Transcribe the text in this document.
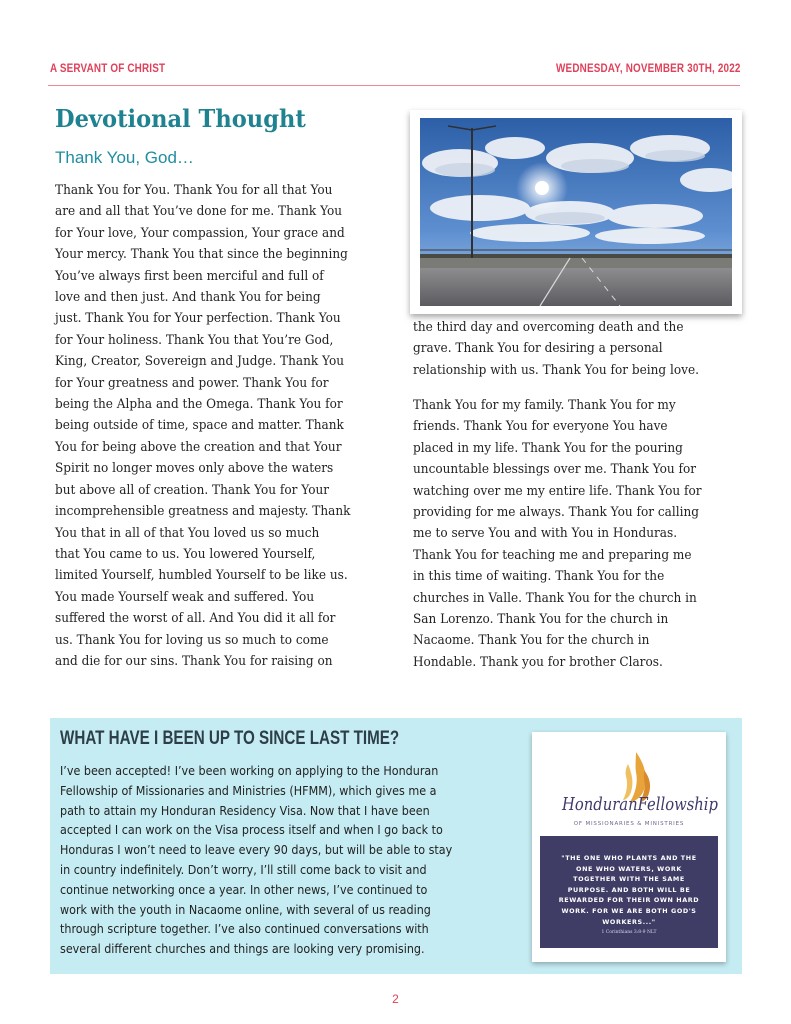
A SERVANT OF CHRIST	WEDNESDAY, NOVEMBER 30TH, 2022
Devotional Thought
Thank You, God…
Thank You for You. Thank You for all that You
are and all that You’ve done for me. Thank You
for Your love, Your compassion, Your grace and
Your mercy. Thank You that since the beginning
You’ve always first been merciful and full of
love and then just. And thank You for being
just. Thank You for Your perfection. Thank You
for Your holiness. Thank You that You’re God,
King, Creator, Sovereign and Judge. Thank You
for Your greatness and power. Thank You for
being the Alpha and the Omega. Thank You for
being outside of time, space and matter. Thank
You for being above the creation and that Your
Spirit no longer moves only above the waters
but above all of creation. Thank You for Your
incomprehensible greatness and majesty. Thank
You that in all of that You loved us so much
that You came to us. You lowered Yourself,
limited Yourself, humbled Yourself to be like us.
You made Yourself weak and suffered. You
suffered the worst of all. And You did it all for
us. Thank You for loving us so much to come
and die for our sins. Thank You for raising on
the third day and overcoming death and the
grave. Thank You for desiring a personal
relationship with us. Thank You for being love.
Thank You for my family. Thank You for my
friends. Thank You for everyone You have
placed in my life. Thank You for the pouring
uncountable blessings over me. Thank You for
watching over me my entire life. Thank You for
providing for me always. Thank You for calling
me to serve You and with You in Honduras.
Thank You for teaching me and preparing me
in this time of waiting. Thank You for the
churches in Valle. Thank You for the church in
San Lorenzo. Thank You for the church in
Nacaome. Thank You for the church in
Hondable. Thank you for brother Claros.
WHAT HAVE I BEEN UP TO SINCE LAST TIME?
I’ve been accepted! I’ve been working on applying to the Honduran
Fellowship of Missionaries and Ministries (HFMM), which gives me a
path to attain my Honduran Residency Visa. Now that I have been
accepted I can work on the Visa process itself and when I go back to
Honduras I won’t need to leave every 90 days, but will be able to stay
in country indefinitely. Don’t worry, I’ll still come back to visit and
continue networking once a year. In other news, I’ve continued to
work with the youth in Nacaome online, with several of us reading
through scripture together. I’ve also continued conversations with
several different churches and things are looking very promising.
HonduranFellowship
OF MISSIONARIES & MINISTRIES
"THE ONE WHO PLANTS AND THE
ONE WHO WATERS, WORK
TOGETHER WITH THE SAME
PURPOSE. AND BOTH WILL BE
REWARDED FOR THEIR OWN HARD
WORK. FOR WE ARE BOTH GOD'S
WORKERS..."
1 Corinthians 3:8-9 NLT
2
